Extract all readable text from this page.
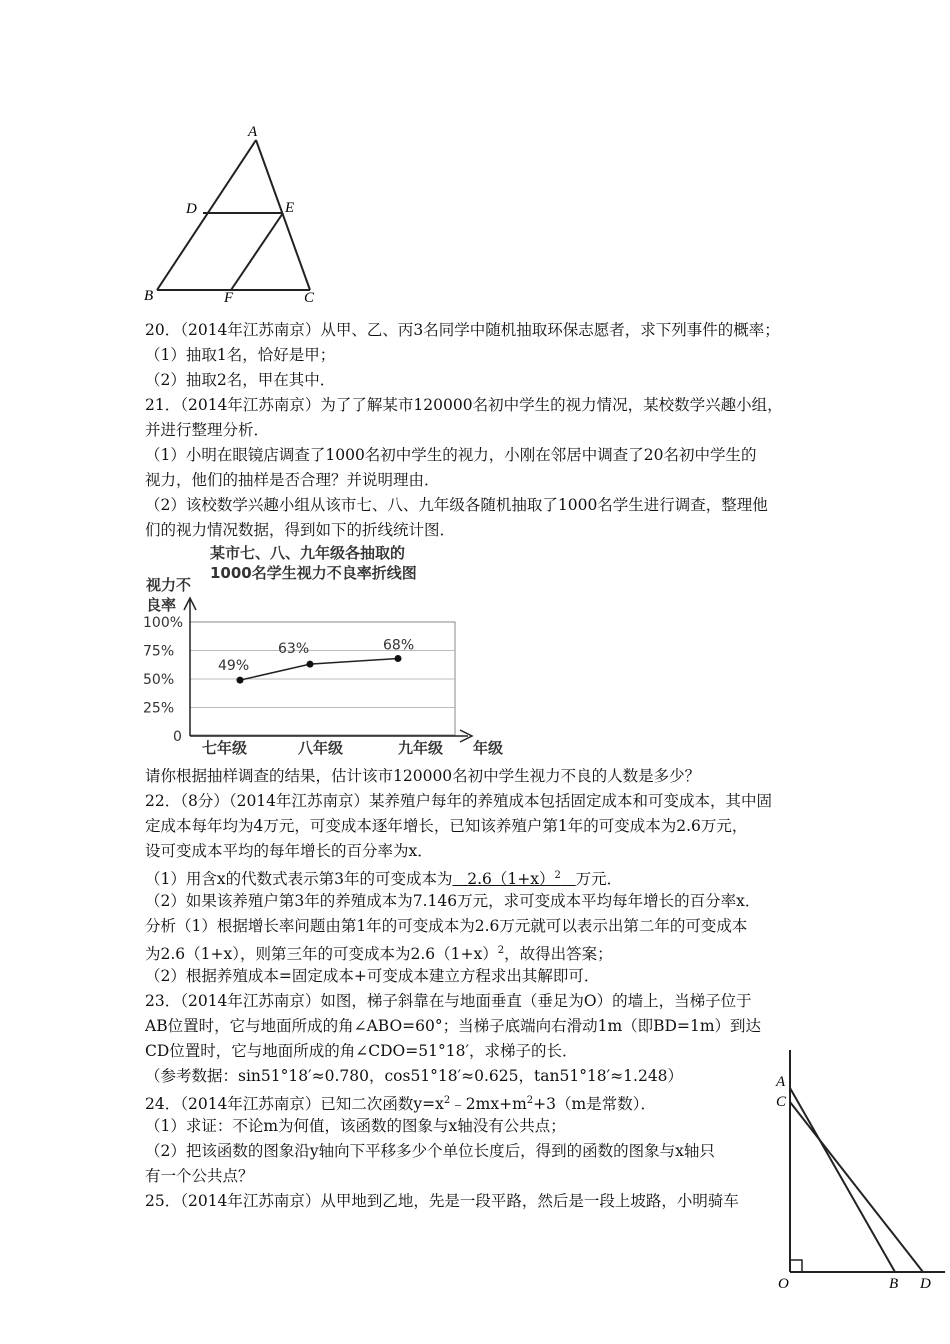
A
D	E
B	F	C
20．（2014年江苏南京）从甲、乙、丙3名同学中随机抽取环保志愿者，求下列事件的概率；
（1）抽取1名，恰好是甲；
（2）抽取2名，甲在其中．
21．（2014年江苏南京）为了了解某市120000名初中学生的视力情况，某校数学兴趣小组，
并进行整理分析．
（1）小明在眼镜店调查了1000名初中学生的视力，小刚在邻居中调查了20名初中学生的
视力，他们的抽样是否合理？并说明理由．
（2）该校数学兴趣小组从该市七、八、九年级各随机抽取了1000名学生进行调查，整理他
们的视力情况数据，得到如下的折线统计图．
某市七、八、九年级各抽取的
1000名学生视力不良率折线图
视力不
良率
0
25%
50%
75%
100%
49%
63%	68%
七年级	八年级	九年级 年级
请你根据抽样调查的结果，估计该市120000名初中学生视力不良的人数是多少？
22．（8分）（2014年江苏南京）某养殖户每年的养殖成本包括固定成本和可变成本，其中固
定成本每年均为4万元，可变成本逐年增长，已知该养殖户第1年的可变成本为2.6万元，
设可变成本平均的每年增长的百分率为x．
（1）用含x的代数式表示第3年的可变成本为 $2.6(1+x)^2$ 万元．
（2）如果该养殖户第3年的养殖成本为7.146万元，求可变成本平均每年增长的百分率x．
分析（1）根据增长率问题由第1年的可变成本为2.6万元就可以表示出第二年的可变成本
为2.6（1+x），则第三年的可变成本为$2.6(1+x)^2$，故得出答案；
（2）根据养殖成本=固定成本+可变成本建立方程求出其解即可．
23．（2014年江苏南京）如图，梯子斜靠在与地面垂直（垂足为O）的墙上，当梯子位于
AB位置时，它与地面所成的角∠ABO=60°；当梯子底端向右滑动1m（即BD=1m）到达
CD位置时，它与地面所成的角∠CDO=51°18′，求梯子的长．
（参考数据：sin51°18′≈0.780，cos51°18′≈0.625，tan51°18′≈1.248）
24．（2014年江苏南京）已知二次函数$y=x^2﹣2mx+m^2+3(m$是常数）．
（1）求证：不论m为何值，该函数的图象与x轴没有公共点；
（2）把该函数的图象沿y轴向下平移多少个单位长度后，得到的函数的图象与x轴只
有一个公共点？
25．（2014年江苏南京）从甲地到乙地，先是一段平路，然后是一段上坡路，小明骑车
A
C
O	B D
